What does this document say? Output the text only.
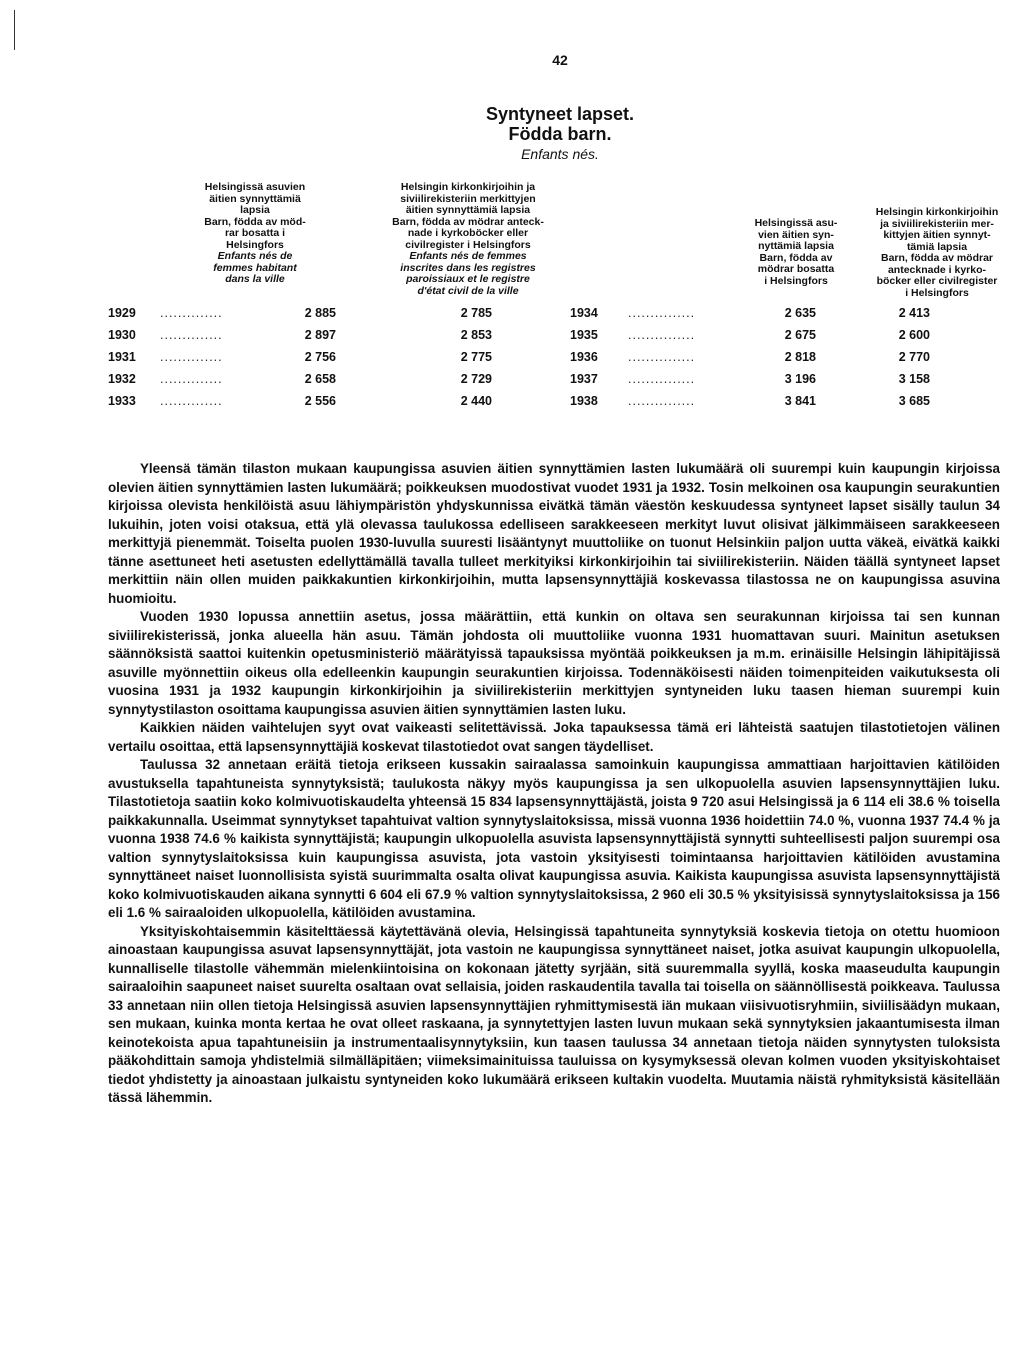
42
Syntyneet lapset.
Födda barn.
Enfants nés.
Helsingissä asuvien
äitien synnyttämiä
lapsia
Barn, födda av möd-
rar bosatta i
Helsingfors
Enfants nés de
femmes habitant
dans la ville
Helsingin kirkonkirjoihin ja
siviilirekisteriin merkittyjen
äitien synnyttämiä lapsia
Barn, födda av mödrar anteck-
nade i kyrkoböcker eller
civilregister i Helsingfors
Enfants nés de femmes
inscrites dans les registres
paroissiaux et le registre
d'état civil de la ville
Helsingissä asu-
vien äitien syn-
nyttämiä lapsia
Barn, födda av
mödrar bosatta
i Helsingfors
Helsingin kirkonkirjoihin
ja siviilirekisteriin mer-
kittyjen äitien synnyt-
tämiä lapsia
Barn, födda av mödrar
antecknade i kyrko-
böcker eller civilregister
i Helsingfors
1929	..............	2 885	2 785
1930	..............	2 897	2 853
1931	..............	2 756	2 775
1932	..............	2 658	2 729
1933	..............	2 556	2 440
1934	...............	2 635	2 413
1935	...............	2 675	2 600
1936	...............	2 818	2 770
1937	...............	3 196	3 158
1938	...............	3 841	3 685

Yleensä tämän tilaston mukaan kaupungissa asuvien äitien synnyttämien lasten lukumäärä oli suurempi kuin kaupungin kirjoissa olevien äitien synnyttämien lasten lukumäärä; poikkeuksen muodostivat vuodet 1931 ja 1932. Tosin melkoinen osa kaupungin seurakuntien kirjoissa olevista henkilöistä asuu lähiympäristön yhdyskunnissa eivätkä tämän väestön keskuudessa syntyneet lapset sisälly taulun 34 lukuihin, joten voisi otaksua, että ylä olevassa taulukossa edelliseen sarakkeeseen merkityt luvut olisivat jälkimmäiseen sarakkeeseen merkittyjä pienemmät. Toiselta puolen 1930-luvulla suuresti lisääntynyt muuttoliike on tuonut Helsinkiin paljon uutta väkeä, eivätkä kaikki tänne asettuneet heti asetusten edellyttämällä tavalla tulleet merkityiksi kirkonkirjoihin tai siviilirekisteriin. Näiden täällä syntyneet lapset merkittiin näin ollen muiden paikkakuntien kirkonkirjoihin, mutta lapsensynnyttäjiä koskevassa tilastossa ne on kaupungissa asuvina huomioitu.

Vuoden 1930 lopussa annettiin asetus, jossa määrättiin, että kunkin on oltava sen seurakunnan kirjoissa tai sen kunnan siviilirekisterissä, jonka alueella hän asuu. Tämän johdosta oli muuttoliike vuonna 1931 huomattavan suuri. Mainitun asetuksen säännöksistä saattoi kuitenkin opetusministeriö määrätyissä tapauksissa myöntää poikkeuksen ja m.m. erinäisille Helsingin lähipitäjissä asuville myönnettiin oikeus olla edelleenkin kaupungin seurakuntien kirjoissa. Todennäköisesti näiden toimenpiteiden vaikutuksesta oli vuosina 1931 ja 1932 kaupungin kirkonkirjoihin ja siviilirekisteriin merkittyjen syntyneiden luku taasen hieman suurempi kuin synnytystilaston osoittama kaupungissa asuvien äitien synnyttämien lasten luku.

Kaikkien näiden vaihtelujen syyt ovat vaikeasti selitettävissä. Joka tapauksessa tämä eri lähteistä saatujen tilastotietojen välinen vertailu osoittaa, että lapsensynnyttäjiä koskevat tilastotiedot ovat sangen täydelliset.

Taulussa 32 annetaan eräitä tietoja erikseen kussakin sairaalassa samoinkuin kaupungissa ammattiaan harjoittavien kätilöiden avustuksella tapahtuneista synnytyksistä; taulukosta näkyy myös kaupungissa ja sen ulkopuolella asuvien lapsensynnyttäjien luku. Tilastotietoja saatiin koko kolmivuotiskaudelta yhteensä 15 834 lapsensynnyttäjästä, joista 9 720 asui Helsingissä ja 6 114 eli 38.6 % toisella paikkakunnalla. Useimmat synnytykset tapahtuivat valtion synnytyslaitoksissa, missä vuonna 1936 hoidettiin 74.0 %, vuonna 1937 74.4 % ja vuonna 1938 74.6 % kaikista synnyttäjistä; kaupungin ulkopuolella asuvista lapsensynnyttäjistä synnytti suhteellisesti paljon suurempi osa valtion synnytyslaitoksissa kuin kaupungissa asuvista, jota vastoin yksityisesti toimintaansa harjoittavien kätilöiden avustamina synnyttäneet naiset luonnollisista syistä suurimmalta osalta olivat kaupungissa asuvia. Kaikista kaupungissa asuvista lapsensynnyttäjistä koko kolmivuotiskauden aikana synnytti 6 604 eli 67.9 % valtion synnytyslaitoksissa, 2 960 eli 30.5 % yksityisissä synnytyslaitoksissa ja 156 eli 1.6 % sairaaloiden ulkopuolella, kätilöiden avustamina.

Yksityiskohtaisemmin käsitelttäessä käytettävänä olevia, Helsingissä tapahtuneita synnytyksiä koskevia tietoja on otettu huomioon ainoastaan kaupungissa asuvat lapsensynnyttäjät, jota vastoin ne kaupungissa synnyttäneet naiset, jotka asuivat kaupungin ulkopuolella, kunnalliselle tilastolle vähemmän mielenkiintoisina on kokonaan jätetty syrjään, sitä suuremmalla syyllä, koska maaseudulta kaupungin sairaaloihin saapuneet naiset suurelta osaltaan ovat sellaisia, joiden raskaudentila tavalla tai toisella on säännöllisestä poikkeava. Taulussa 33 annetaan niin ollen tietoja Helsingissä asuvien lapsensynnyttäjien ryhmittymisestä iän mukaan viisivuotisryhmiin, siviilisäädyn mukaan, sen mukaan, kuinka monta kertaa he ovat olleet raskaana, ja synnytettyjen lasten luvun mukaan sekä synnytyksien jakaantumisesta ilman keinotekoista apua tapahtuneisiin ja instrumentaalisynnytyksiin, kun taasen taulussa 34 annetaan tietoja näiden synnytysten tuloksista pääkohdittain samoja yhdistelmiä silmälläpitäen; viimeksimainituissa tauluissa on kysymyksessä olevan kolmen vuoden yksityiskohtaiset tiedot yhdistetty ja ainoastaan julkaistu syntyneiden koko lukumäärä erikseen kultakin vuodelta. Muutamia näistä ryhmityksistä käsitellään tässä lähemmin.
